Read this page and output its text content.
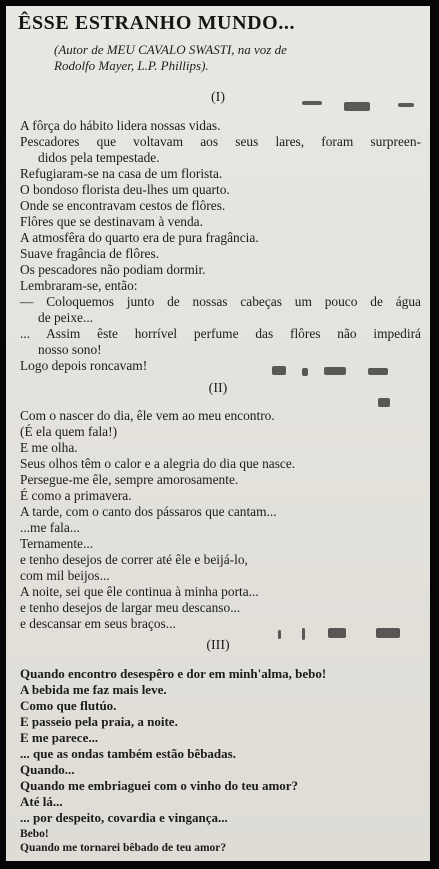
ÊSSE ESTRANHO MUNDO...
(Autor de MEU CAVALO SWASTI, na voz de
Rodolfo Mayer, L.P. Phillips).
(I)
A fôrça do hábito lidera nossas vidas.
Pescadores que voltavam aos seus lares, foram surpreen-
didos pela tempestade.
Refugiaram-se na casa de um florista.
O bondoso florista deu-lhes um quarto.
Onde se encontravam cestos de flôres.
Flôres que se destinavam à venda.
A atmosfêra do quarto era de pura fragância.
Suave fragância de flôres.
Os pescadores não podiam dormir.
Lembraram-se, então:
— Coloquemos junto de nossas cabeças um pouco de água
de peixe...
... Assim êste horrível perfume das flôres não impedirá
nosso sono!
Logo depois roncavam!
(II)
Com o nascer do dia, êle vem ao meu encontro.
(É ela quem fala!)
E me olha.
Seus olhos têm o calor e a alegria do dia que nasce.
Persegue-me êle, sempre amorosamente.
É como a primavera.
A tarde, com o canto dos pássaros que cantam...
...me fala...
Ternamente...
e tenho desejos de correr até êle e beijá-lo,
com mil beijos...
A noite, sei que êle continua à minha porta...
e tenho desejos de largar meu descanso...
e descansar em seus braços...
(III)
Quando encontro desespêro e dor em minh'alma, bebo!
A bebida me faz mais leve.
Como que flutúo.
E passeio pela praia, a noite.
E me parece...
... que as ondas também estão bêbadas.
Quando...
Quando me embriaguei com o vinho do teu amor?
Até lá...
... por despeito, covardia e vingança...
Bebo!
Quando me tornarei bêbado de teu amor?
